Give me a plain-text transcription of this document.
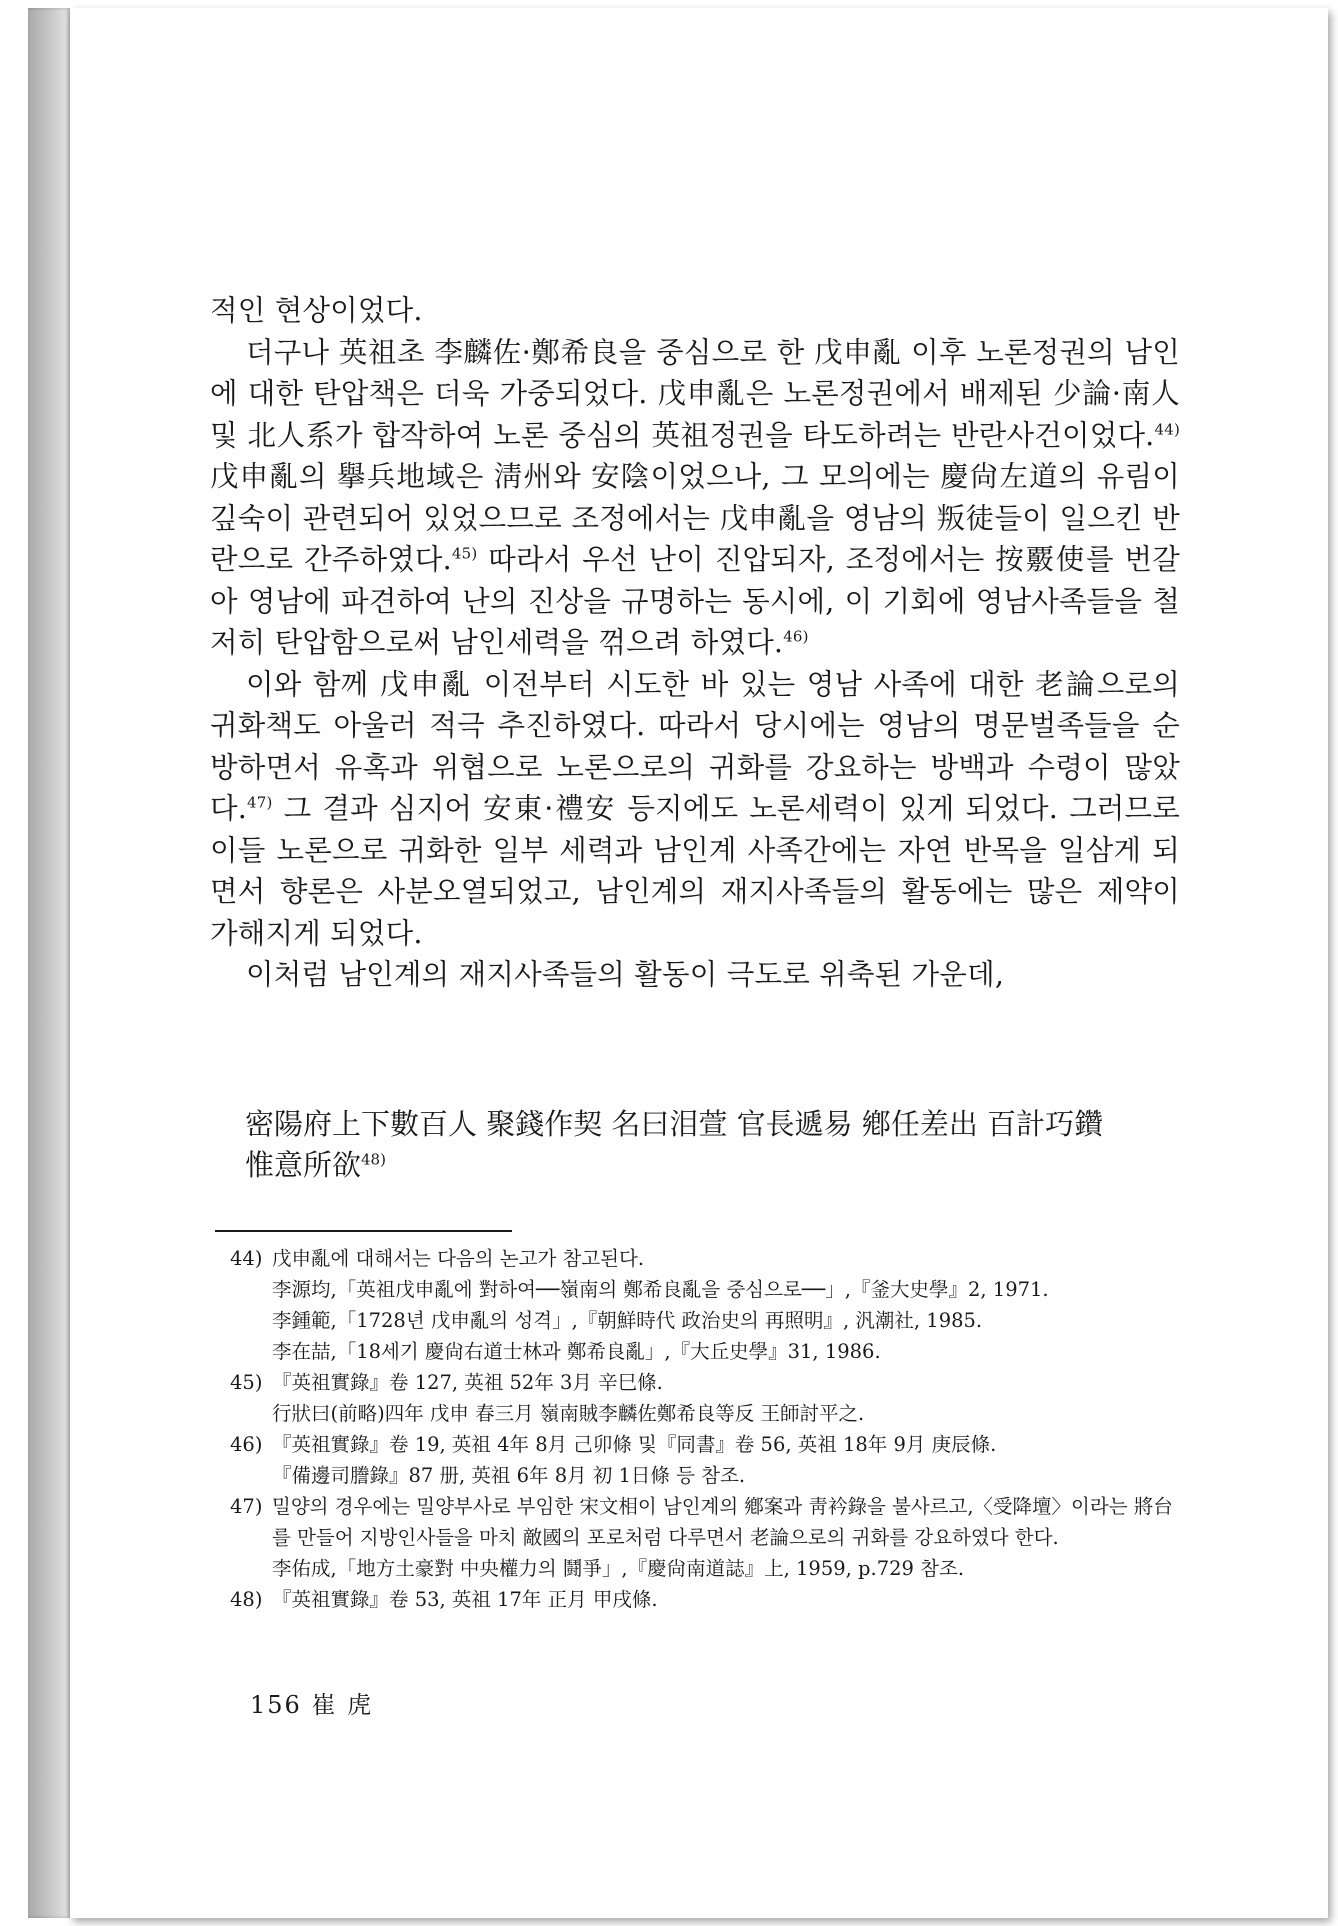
적인 현상이었다.

더구나 英祖초 李麟佐·鄭希良을 중심으로 한 戊申亂 이후 노론정권의 남인에 대한 탄압책은 더욱 가중되었다. 戊申亂은 노론정권에서 배제된 少論·南人 및 北人系가 합작하여 노론 중심의 英祖정권을 타도하려는 반란사건이었다.$^{44)}$ 戊申亂의 擧兵地域은 淸州와 安陰이었으나, 그 모의에는 慶尙左道의 유림이 깊숙이 관련되어 있었으므로 조정에서는 戊申亂을 영남의 叛徒들이 일으킨 반란으로 간주하였다.$^{45)}$ 따라서 우선 난이 진압되자, 조정에서는 按覈使를 번갈아 영남에 파견하여 난의 진상을 규명하는 동시에, 이 기회에 영남사족들을 철저히 탄압함으로써 남인세력을 꺾으려 하였다.$^{46)}$

이와 함께 戊申亂 이전부터 시도한 바 있는 영남 사족에 대한 老論으로의 귀화책도 아울러 적극 추진하였다. 따라서 당시에는 영남의 명문벌족들을 순방하면서 유혹과 위협으로 노론으로의 귀화를 강요하는 방백과 수령이 많았다.$^{47)}$ 그 결과 심지어 安東·禮安 등지에도 노론세력이 있게 되었다. 그러므로 이들 노론으로 귀화한 일부 세력과 남인계 사족간에는 자연 반목을 일삼게 되면서 향론은 사분오열되었고, 남인계의 재지사족들의 활동에는 많은 제약이 가해지게 되었다.

이처럼 남인계의 재지사족들의 활동이 극도로 위축된 가운데,

密陽府上下數百人 聚錢作契 名曰泪萱 官長遞易 鄕任差出 百計巧鑽

惟意所欲$^{48)}$

44) 戊申亂에 대해서는 다음의 논고가 참고된다.
李源均,「英祖戊申亂에 對하여──嶺南의 鄭希良亂을 중심으로──」,『釜大史學』2, 1971.
李鍾範,「1728년 戊申亂의 성격」,『朝鮮時代 政治史의 再照明』, 汎潮社, 1985.
李在喆,「18세기 慶尙右道士林과 鄭希良亂」,『大丘史學』31, 1986.
45) 『英祖實錄』卷 127, 英祖 52年 3月 辛巳條.
行狀曰(前略)四年 戊申 春三月 嶺南賊李麟佐鄭希良等反 王師討平之.
46) 『英祖實錄』卷 19, 英祖 4年 8月 己卯條 및『同書』卷 56, 英祖 18年 9月 庚辰條.
『備邊司謄錄』87 册, 英祖 6年 8月 初 1日條 등 참조.
47) 밀양의 경우에는 밀양부사로 부임한 宋文相이 남인계의 鄕案과 靑衿錄을 불사르고,〈受降壇〉이라는 將台를 만들어 지방인사들을 마치 敵國의 포로처럼 다루면서 老論으로의 귀화를 강요하였다 한다.
李佑成,「地方土豪對 中央權力의 鬪爭」,『慶尙南道誌』上, 1959, p.729 참조.
48) 『英祖實錄』卷 53, 英祖 17年 正月 甲戌條.
156 崔 虎
